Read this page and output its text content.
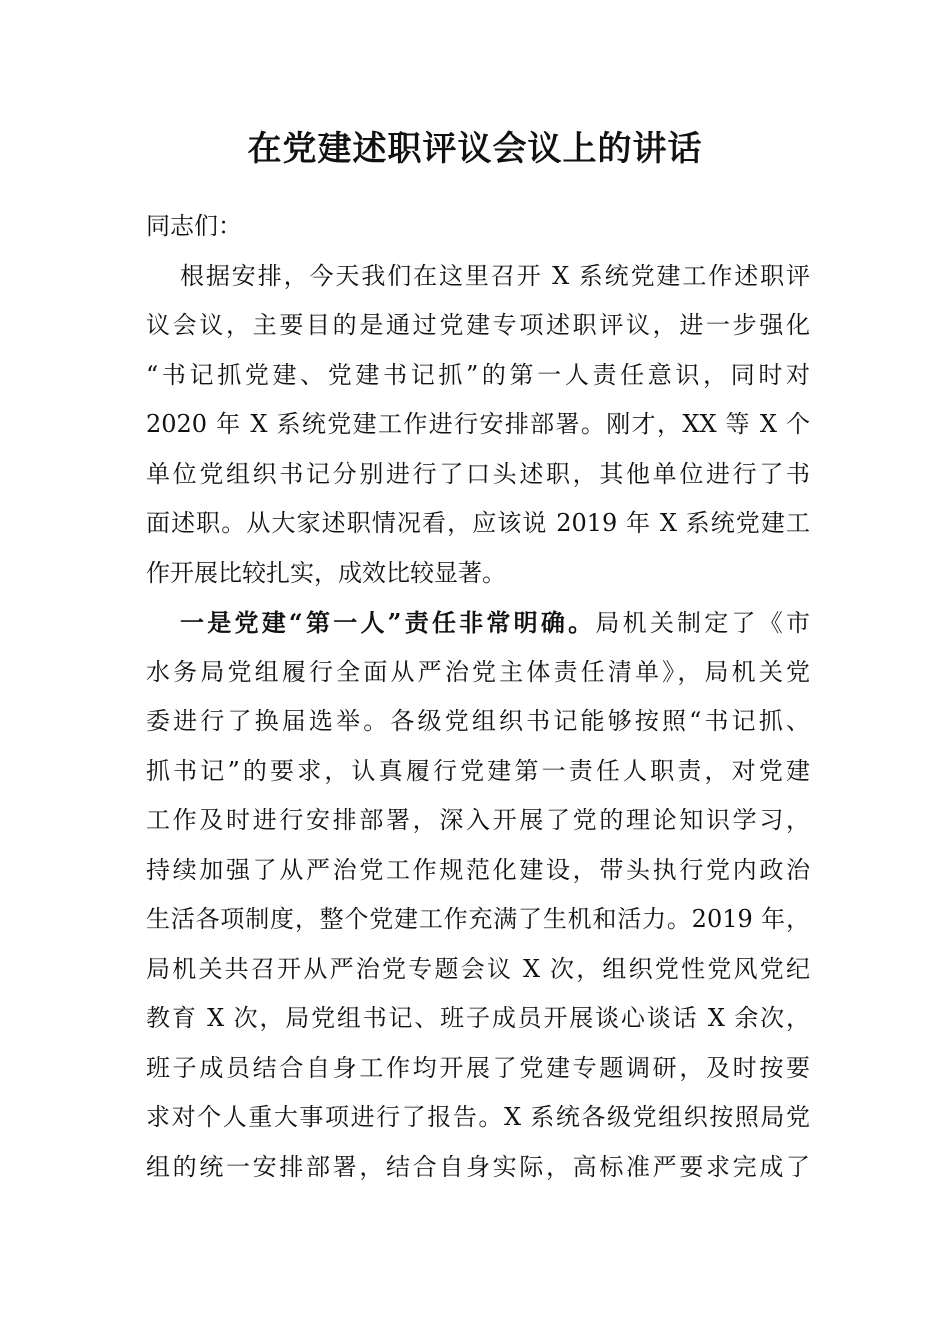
在党建述职评议会议上的讲话
同志们：
根据安排，今天我们在这里召开 X 系统党建工作述职评
议会议，主要目的是通过党建专项述职评议，进一步强化
“书记抓党建、党建书记抓”的第一人责任意识，同时对
2020 年 X 系统党建工作进行安排部署。刚才，XX 等 X 个
单位党组织书记分别进行了口头述职，其他单位进行了书
面述职。从大家述职情况看，应该说 2019 年 X 系统党建工
作开展比较扎实，成效比较显著。
一是党建“第一人”责任非常明确。局机关制定了《市
水务局党组履行全面从严治党主体责任清单》，局机关党
委进行了换届选举。各级党组织书记能够按照“书记抓、
抓书记”的要求，认真履行党建第一责任人职责，对党建
工作及时进行安排部署，深入开展了党的理论知识学习，
持续加强了从严治党工作规范化建设，带头执行党内政治
生活各项制度，整个党建工作充满了生机和活力。2019 年，
局机关共召开从严治党专题会议 X 次，组织党性党风党纪
教育 X 次，局党组书记、班子成员开展谈心谈话 X 余次，
班子成员结合自身工作均开展了党建专题调研，及时按要
求对个人重大事项进行了报告。X 系统各级党组织按照局党
组的统一安排部署，结合自身实际，高标准严要求完成了
